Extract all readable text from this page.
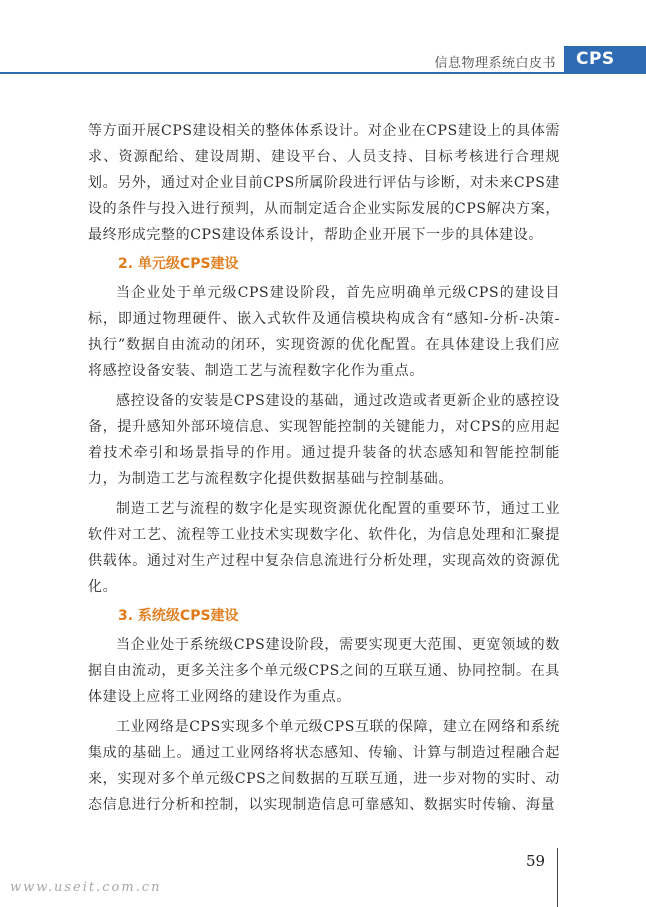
信息物理系统白皮书	CPS

等方面开展CPS建设相关的整体体系设计。对企业在CPS建设上的具体需求、资源配给、建设周期、建设平台、人员支持、目标考核进行合理规划。另外，通过对企业目前CPS所属阶段进行评估与诊断，对未来CPS建设的条件与投入进行预判，从而制定适合企业实际发展的CPS解决方案，最终形成完整的CPS建设体系设计，帮助企业开展下一步的具体建设。

2. 单元级CPS建设

当企业处于单元级CPS建设阶段，首先应明确单元级CPS的建设目标，即通过物理硬件、嵌入式软件及通信模块构成含有“感知-分析-决策-执行”数据自由流动的闭环，实现资源的优化配置。在具体建设上我们应将感控设备安装、制造工艺与流程数字化作为重点。

感控设备的安装是CPS建设的基础，通过改造或者更新企业的感控设备，提升感知外部环境信息、实现智能控制的关键能力，对CPS的应用起着技术牵引和场景指导的作用。通过提升装备的状态感知和智能控制能力，为制造工艺与流程数字化提供数据基础与控制基础。

制造工艺与流程的数字化是实现资源优化配置的重要环节，通过工业软件对工艺、流程等工业技术实现数字化、软件化，为信息处理和汇聚提供载体。通过对生产过程中复杂信息流进行分析处理，实现高效的资源优化。

3. 系统级CPS建设

当企业处于系统级CPS建设阶段，需要实现更大范围、更宽领域的数据自由流动，更多关注多个单元级CPS之间的互联互通、协同控制。在具体建设上应将工业网络的建设作为重点。

工业网络是CPS实现多个单元级CPS互联的保障，建立在网络和系统集成的基础上。通过工业网络将状态感知、传输、计算与制造过程融合起来，实现对多个单元级CPS之间数据的互联互通，进一步对物的实时、动态信息进行分析和控制，以实现制造信息可靠感知、数据实时传输、海量

59
www.useit.com.cn
